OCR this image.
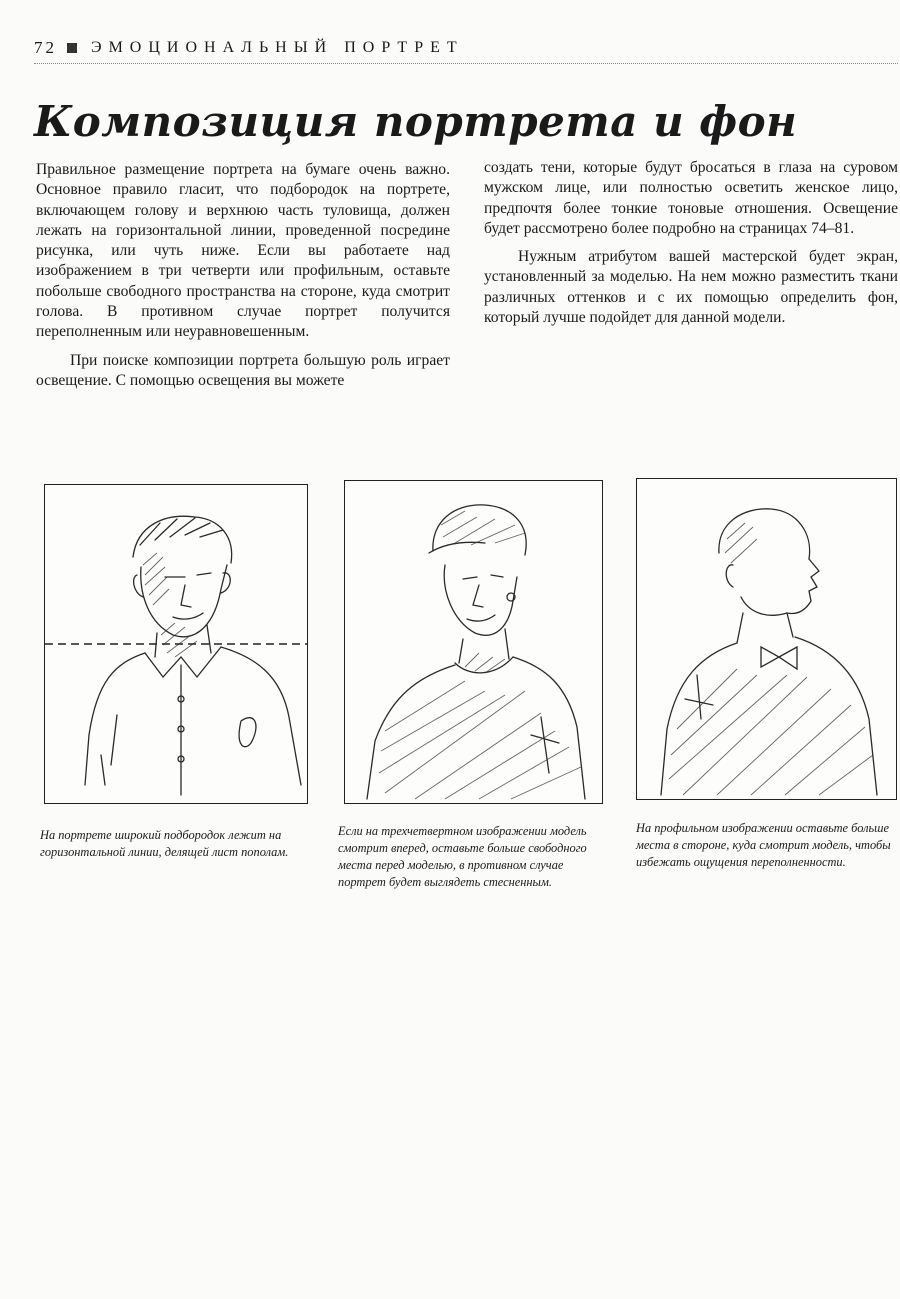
72 ЭМОЦИОНАЛЬНЫЙ ПОРТРЕТ
Композиция портрета и фон

Правильное размещение портрета на бумаге очень важно. Основное правило гласит, что подбородок на портрете, включающем голову и верхнюю часть туловища, должен лежать на горизонтальной линии, проведенной посредине рисунка, или чуть ниже. Если вы работаете над изображением в три четверти или профильным, оставьте побольше свободного пространства на стороне, куда смотрит голова. В противном случае портрет получится переполненным или неуравновешенным.

При поиске композиции портрета большую роль играет освещение. С помощью освещения вы можете

создать тени, которые будут бросаться в глаза на суровом мужском лице, или полностью осветить женское лицо, предпочтя более тонкие тоновые отношения. Освещение будет рассмотрено более подробно на страницах 74–81.

Нужным атрибутом вашей мастерской будет экран, установленный за моделью. На нем можно разместить ткани различных оттенков и с их помощью определить фон, который лучше подойдет для данной модели.

На портрете широкий подбородок лежит на горизонтальной линии, делящей лист пополам.
Если на трехчетвертном изображении модель смотрит вперед, оставьте больше свободного места перед моделью, в противном случае портрет будет выглядеть стесненным.
На профильном изображении оставьте больше места в стороне, куда смотрит модель, чтобы избежать ощущения переполненности.
